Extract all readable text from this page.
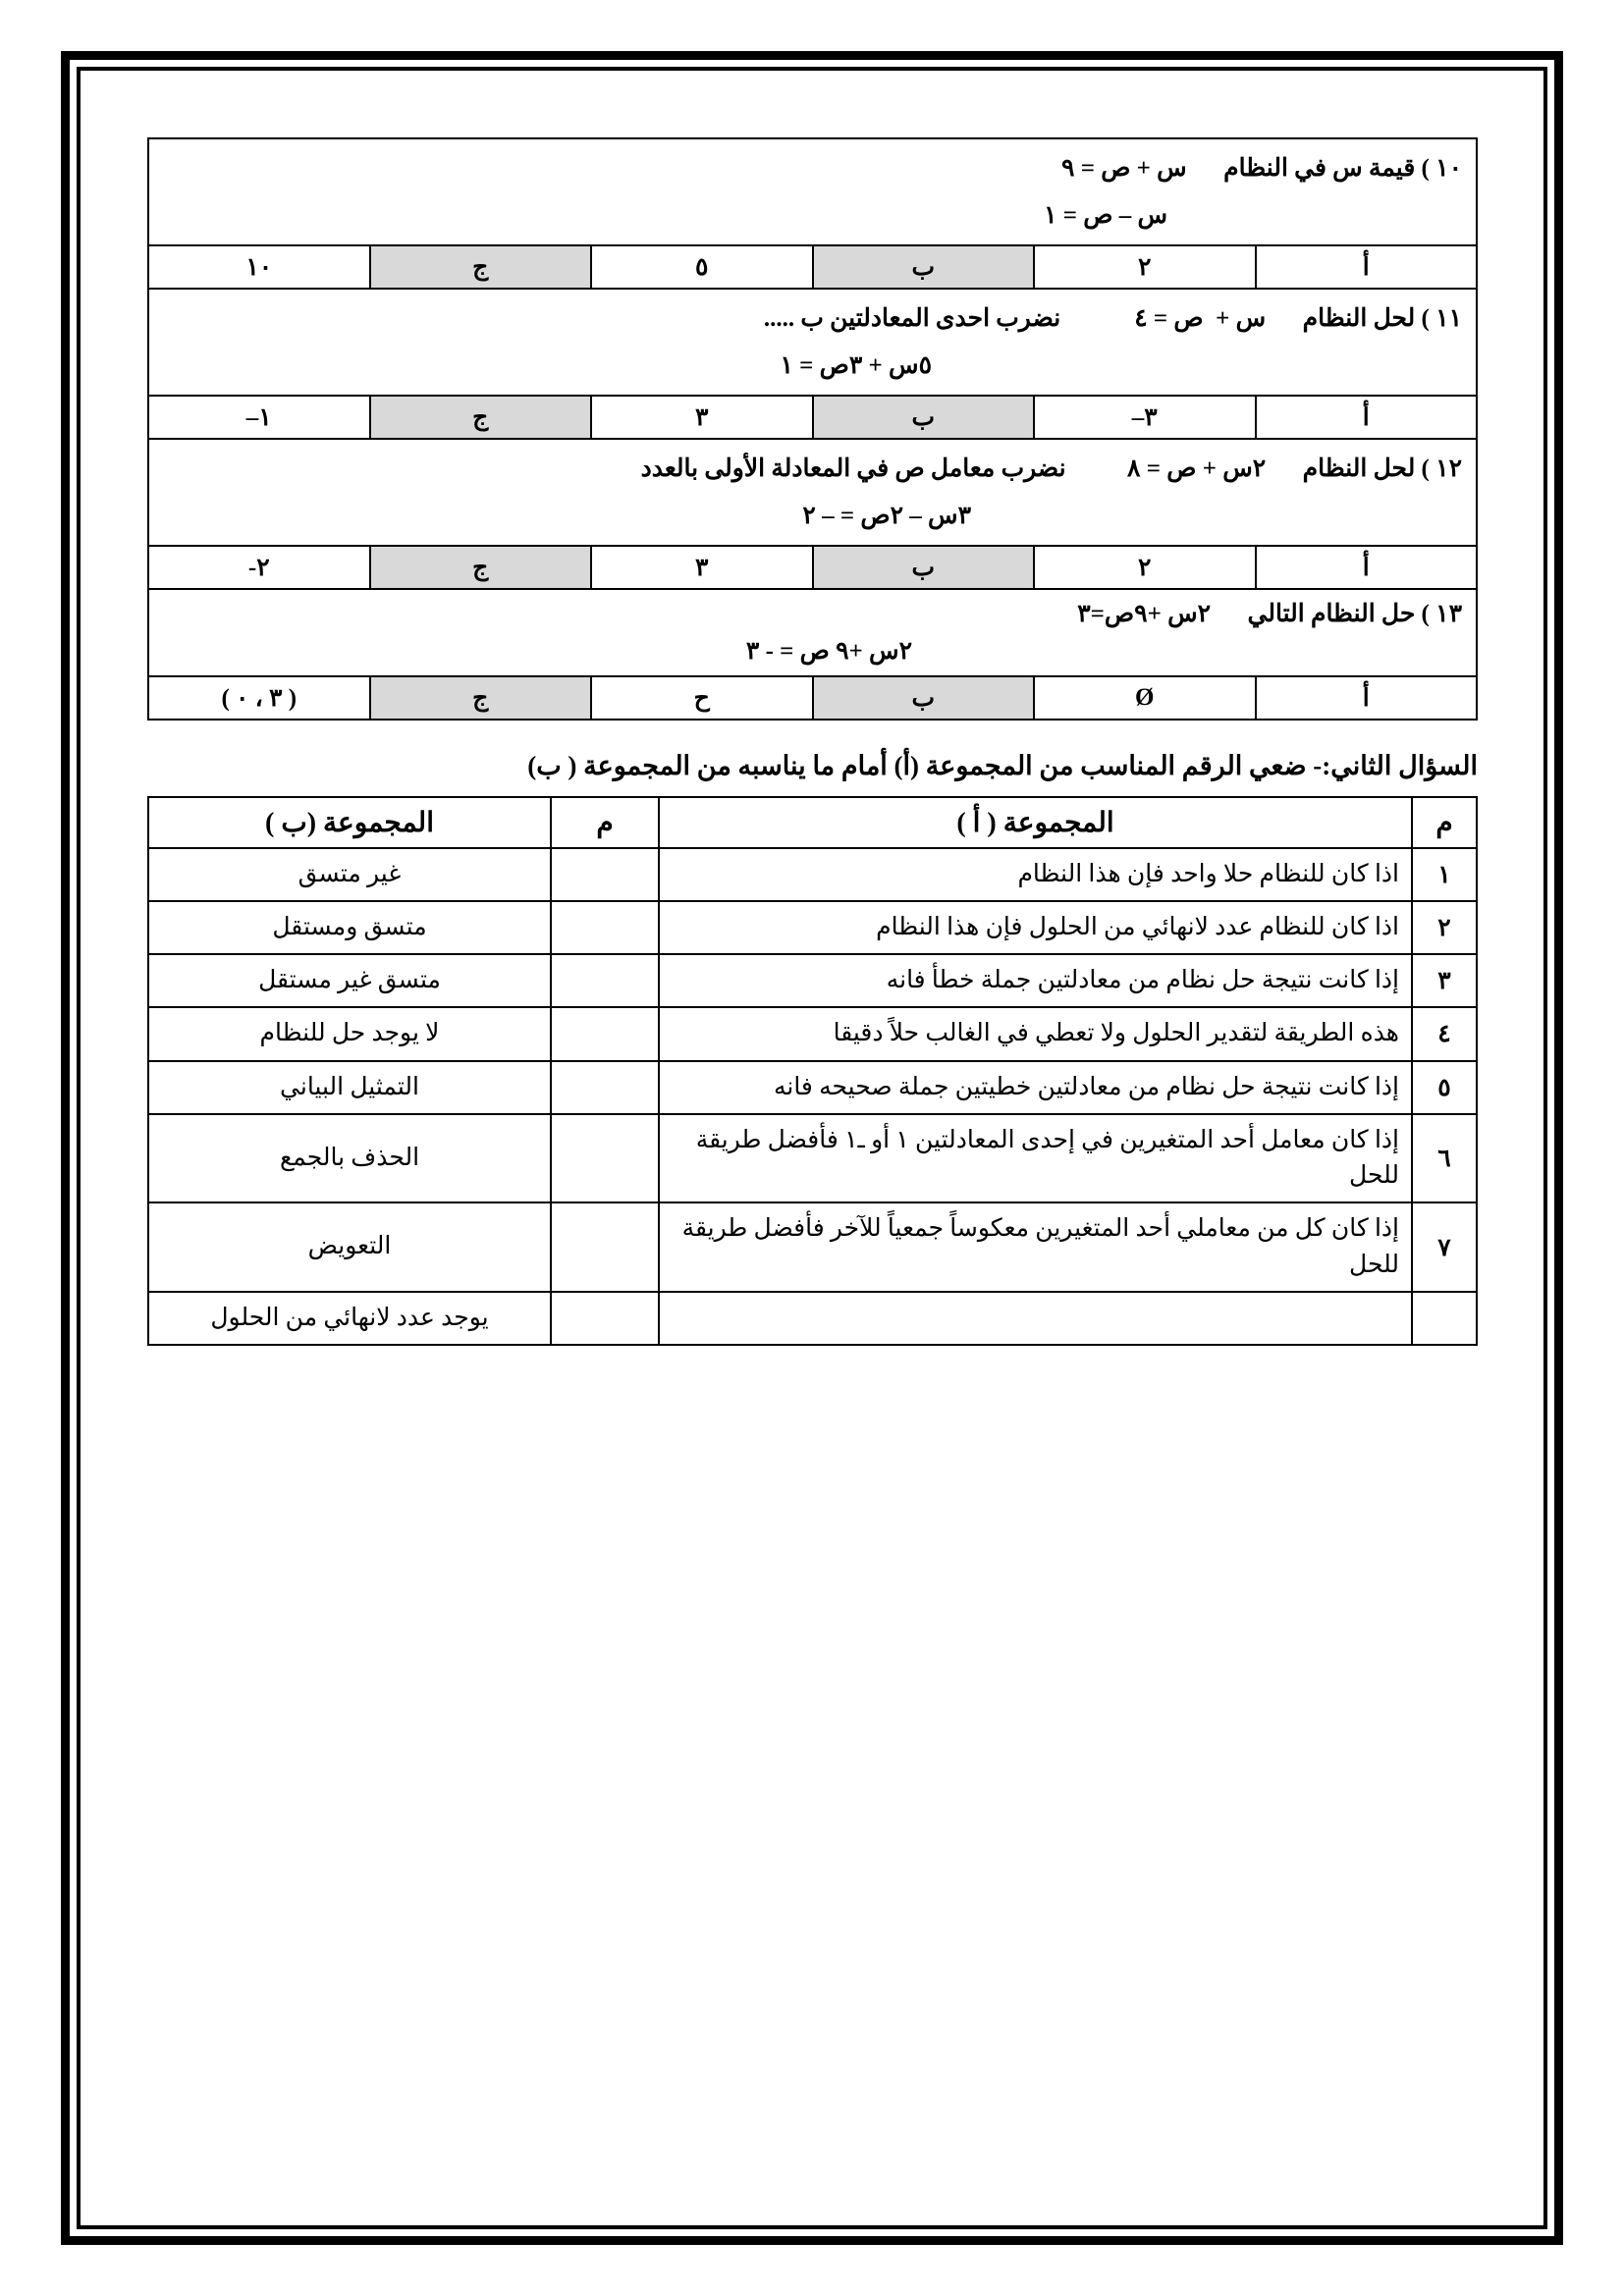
١٠ ) قيمة س في النظام      س + ص = ٩
س – ص = ١					

أ	٢	ب	٥	ج	١٠

١١ ) لحل النظام      س +  ص = ٤            نضرب احدى المعادلتين ب .....
٥س + ٣ص = ١					

أ	٣–	ب	٣	ج	١–

١٢ ) لحل النظام      ٢س + ص = ٨          نضرب معامل ص في المعادلة الأولى بالعدد
٣س – ٢ص = – ٢					

أ	٢	ب	٣	ج	٢-

١٣ ) حل النظام التالي      ٢س +٩ص=٣
٢س +٩ ص = - ٣					

أ	Ø	ب	ح	ج	( ٣ ، ٠ )
السؤال الثاني:- ضعي الرقم المناسب من المجموعة (أ) أمام ما يناسبه من المجموعة ( ب)
م	المجموعة ( أ )	م	المجموعة (ب )
١	اذا كان للنظام حلا واحد فإن هذا النظام		غير متسق
٢	اذا كان للنظام عدد لانهائي من الحلول فإن هذا النظام		متسق ومستقل
٣	إذا كانت نتيجة حل نظام من معادلتين جملة خطأ فانه		متسق غير مستقل
٤	هذه الطريقة لتقدير الحلول ولا تعطي في الغالب حلاً دقيقا		لا يوجد حل للنظام
٥	إذا كانت نتيجة حل نظام من معادلتين خطيتين جملة صحيحه فانه		التمثيل البياني
٦	إذا كان معامل أحد المتغيرين في إحدى المعادلتين ١ أو ـ١ فأفضل طريقة للحل		الحذف بالجمع
٧	إذا كان كل من معاملي أحد المتغيرين معكوساً جمعياً للآخر فأفضل طريقة للحل		التعويض
			يوجد عدد لانهائي من الحلول
